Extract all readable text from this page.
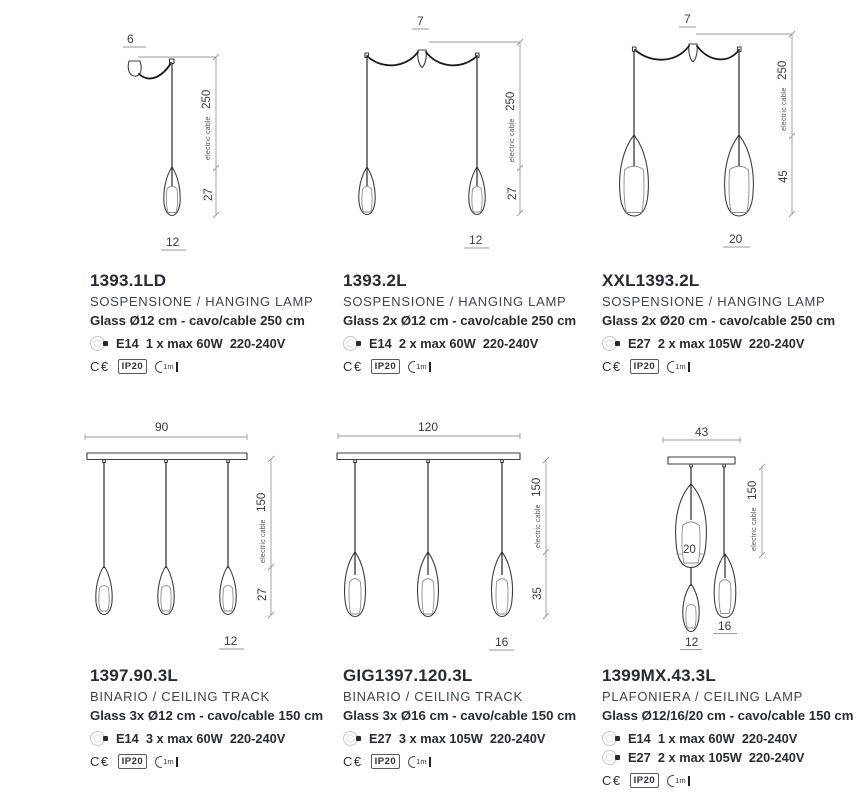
6
electric cable 250
27
12
7
electric cable 250
27
12
7
electric cable 250
45
20
90
electric cable 150
27
12
120
electric cable 150
35
16
43
20
12
16
electric cable 150
1393.1LD
SOSPENSIONE / HANGING LAMP
Glass Ø12 cm - cavo/cable 250 cm
E14  1 x max 60W  220-240V
C€	IP20	1m
1393.2L
SOSPENSIONE / HANGING LAMP
Glass 2x Ø12 cm - cavo/cable 250 cm
E14  2 x max 60W  220-240V
C€	IP20	1m
XXL1393.2L
SOSPENSIONE / HANGING LAMP
Glass 2x Ø20 cm - cavo/cable 250 cm
E27  2 x max 105W  220-240V
C€	IP20	1m
1397.90.3L
BINARIO / CEILING TRACK
Glass 3x Ø12 cm - cavo/cable 150 cm
E14  3 x max 60W  220-240V
C€	IP20	1m
GIG1397.120.3L
BINARIO / CEILING TRACK
Glass 3x Ø16 cm - cavo/cable 150 cm
E27  3 x max 105W  220-240V
C€	IP20	1m
1399MX.43.3L
PLAFONIERA / CEILING LAMP
Glass Ø12/16/20 cm - cavo/cable 150 cm
E14  1 x max 60W  220-240V
E27  2 x max 105W  220-240V
C€	IP20	1m
